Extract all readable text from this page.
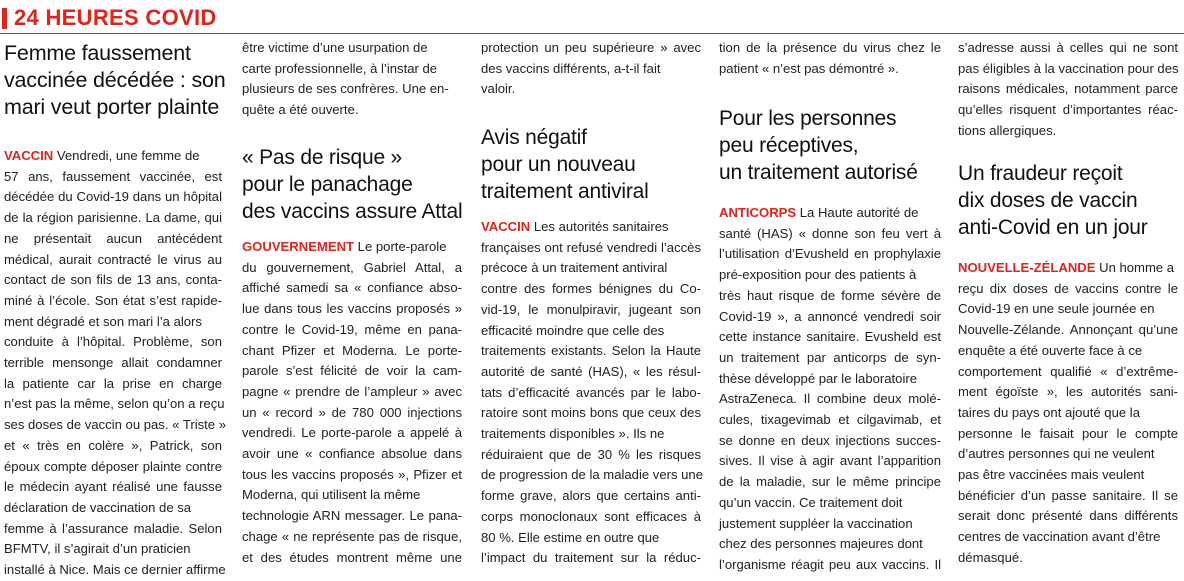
24 HEURES COVID
Femme faussement
vaccinée décédée : son
mari veut porter plainte
VACCIN Vendredi, une femme de
57 ans, faussement vaccinée, est
décédée du Covid-19 dans un hôpital
de la région parisienne. La dame, qui
ne présentait aucun antécédent
médical, aurait contracté le virus au
contact de son fils de 13 ans, conta-
miné à l’école. Son état s’est rapide-
ment dégradé et son mari l’a alors
conduite à l’hôpital. Problème, son
terrible mensonge allait condamner
la patiente car la prise en charge
n’est pas la même, selon qu’on a reçu
ses doses de vaccin ou pas. « Triste »
et « très en colère », Patrick, son
époux compte déposer plainte contre
le médecin ayant réalisé une fausse
déclaration de vaccination de sa
femme à l’assurance maladie. Selon
BFMTV, il s’agirait d’un praticien
installé à Nice. Mais ce dernier affirme
être victime d’une usurpation de
carte professionnelle, à l’instar de
plusieurs de ses confrères. Une en-
quête a été ouverte.
« Pas de risque »
pour le panachage
des vaccins assure Attal
GOUVERNEMENT Le porte-parole
du gouvernement, Gabriel Attal, a
affiché samedi sa « confiance abso-
lue dans tous les vaccins proposés »
contre le Covid-19, même en pana-
chant Pfizer et Moderna. Le porte-
parole s’est félicité de voir la cam-
pagne « prendre de l’ampleur » avec
un « record » de 780 000 injections
vendredi. Le porte-parole a appelé à
avoir une « confiance absolue dans
tous les vaccins proposés », Pfizer et
Moderna, qui utilisent la même
technologie ARN messager. Le pana-
chage « ne représente pas de risque,
et des études montrent même une
protection un peu supérieure » avec
des vaccins différents, a-t-il fait
valoir.
Avis négatif
pour un nouveau
traitement antiviral
VACCIN Les autorités sanitaires
françaises ont refusé vendredi l’accès
précoce à un traitement antiviral
contre des formes bénignes du Co-
vid-19, le monulpiravir, jugeant son
efficacité moindre que celle des
traitements existants. Selon la Haute
autorité de santé (HAS), « les résul-
tats d’efficacité avancés par le labo-
ratoire sont moins bons que ceux des
traitements disponibles ». Ils ne
réduiraient que de 30 % les risques
de progression de la maladie vers une
forme grave, alors que certains anti-
corps monoclonaux sont efficaces à
80 %. Elle estime en outre que
l’impact du traitement sur la réduc-
tion de la présence du virus chez le
patient « n’est pas démontré ».
Pour les personnes
peu réceptives,
un traitement autorisé
ANTICORPS La Haute autorité de
santé (HAS) « donne son feu vert à
l’utilisation d’Evusheld en prophylaxie
pré-exposition pour des patients à
très haut risque de forme sévère de
Covid-19 », a annoncé vendredi soir
cette instance sanitaire. Evusheld est
un traitement par anticorps de syn-
thèse développé par le laboratoire
AstraZeneca. Il combine deux molé-
cules, tixagevimab et cilgavimab, et
se donne en deux injections succes-
sives. Il vise à agir avant l’apparition
de la maladie, sur le même principe
qu’un vaccin. Ce traitement doit
justement suppléer la vaccination
chez des personnes majeures dont
l’organisme réagit peu aux vaccins. Il
s’adresse aussi à celles qui ne sont
pas éligibles à la vaccination pour des
raisons médicales, notamment parce
qu’elles risquent d’importantes réac-
tions allergiques.
Un fraudeur reçoit
dix doses de vaccin
anti-Covid en un jour
NOUVELLE-ZÉLANDE Un homme a
reçu dix doses de vaccins contre le
Covid-19 en une seule journée en
Nouvelle-Zélande. Annonçant qu’une
enquête a été ouverte face à ce
comportement qualifié « d’extrême-
ment égoïste », les autorités sani-
taires du pays ont ajouté que la
personne le faisait pour le compte
d’autres personnes qui ne veulent
pas être vaccinées mais veulent
bénéficier d’un passe sanitaire. Il se
serait donc présenté dans différents
centres de vaccination avant d’être
démasqué.
